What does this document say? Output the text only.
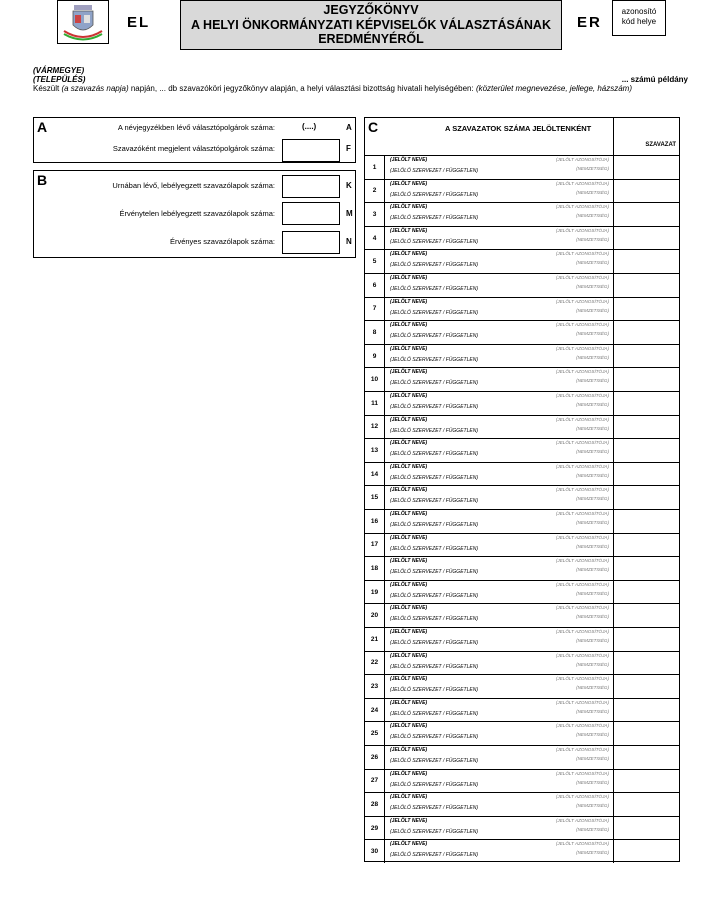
EL
JEGYZŐKÖNYV
A HELYI ÖNKORMÁNYZATI KÉPVISELŐK VÁLASZTÁSÁNAK
EREDMÉNYÉRŐL
ER
azonosító
kód helye
(VÁRMEGYE)
(TELEPÜLÉS)	... számú példány
Készült (a szavazás napja) napján, ... db szavazóköri jegyzőkönyv alapján, a helyi választási bizottság hivatali helyiségében: (közterület megnevezése, jellege, házszám)
A	A névjegyzékben lévő választópolgárok száma:	(....)	A
Szavazóként megjelent választópolgárok száma:	F
B	Urnában lévő, lebélyegzett szavazólapok száma:	K
Érvénytelen lebélyegzett szavazólapok száma:	M
Érvényes szavazólapok száma:	N
C	A SZAVAZATOK SZÁMA JELÖLTENKÉNT
SZAVAZAT
1
(JELÖLT NEVE)
(JELÖLŐ SZERVEZET / FÜGGETLEN)
(JELÖLT AZONOSÍTÓJA)
(NEMZETISÉG)
2
(JELÖLT NEVE)
(JELÖLŐ SZERVEZET / FÜGGETLEN)
(JELÖLT AZONOSÍTÓJA)
(NEMZETISÉG)
3
(JELÖLT NEVE)
(JELÖLŐ SZERVEZET / FÜGGETLEN)
(JELÖLT AZONOSÍTÓJA)
(NEMZETISÉG)
4
(JELÖLT NEVE)
(JELÖLŐ SZERVEZET / FÜGGETLEN)
(JELÖLT AZONOSÍTÓJA)
(NEMZETISÉG)
5
(JELÖLT NEVE)
(JELÖLŐ SZERVEZET / FÜGGETLEN)
(JELÖLT AZONOSÍTÓJA)
(NEMZETISÉG)
6
(JELÖLT NEVE)
(JELÖLŐ SZERVEZET / FÜGGETLEN)
(JELÖLT AZONOSÍTÓJA)
(NEMZETISÉG)
7
(JELÖLT NEVE)
(JELÖLŐ SZERVEZET / FÜGGETLEN)
(JELÖLT AZONOSÍTÓJA)
(NEMZETISÉG)
8
(JELÖLT NEVE)
(JELÖLŐ SZERVEZET / FÜGGETLEN)
(JELÖLT AZONOSÍTÓJA)
(NEMZETISÉG)
9
(JELÖLT NEVE)
(JELÖLŐ SZERVEZET / FÜGGETLEN)
(JELÖLT AZONOSÍTÓJA)
(NEMZETISÉG)
10
(JELÖLT NEVE)
(JELÖLŐ SZERVEZET / FÜGGETLEN)
(JELÖLT AZONOSÍTÓJA)
(NEMZETISÉG)
11
(JELÖLT NEVE)
(JELÖLŐ SZERVEZET / FÜGGETLEN)
(JELÖLT AZONOSÍTÓJA)
(NEMZETISÉG)
12
(JELÖLT NEVE)
(JELÖLŐ SZERVEZET / FÜGGETLEN)
(JELÖLT AZONOSÍTÓJA)
(NEMZETISÉG)
13
(JELÖLT NEVE)
(JELÖLŐ SZERVEZET / FÜGGETLEN)
(JELÖLT AZONOSÍTÓJA)
(NEMZETISÉG)
14
(JELÖLT NEVE)
(JELÖLŐ SZERVEZET / FÜGGETLEN)
(JELÖLT AZONOSÍTÓJA)
(NEMZETISÉG)
15
(JELÖLT NEVE)
(JELÖLŐ SZERVEZET / FÜGGETLEN)
(JELÖLT AZONOSÍTÓJA)
(NEMZETISÉG)
16
(JELÖLT NEVE)
(JELÖLŐ SZERVEZET / FÜGGETLEN)
(JELÖLT AZONOSÍTÓJA)
(NEMZETISÉG)
17
(JELÖLT NEVE)
(JELÖLŐ SZERVEZET / FÜGGETLEN)
(JELÖLT AZONOSÍTÓJA)
(NEMZETISÉG)
18
(JELÖLT NEVE)
(JELÖLŐ SZERVEZET / FÜGGETLEN)
(JELÖLT AZONOSÍTÓJA)
(NEMZETISÉG)
19
(JELÖLT NEVE)
(JELÖLŐ SZERVEZET / FÜGGETLEN)
(JELÖLT AZONOSÍTÓJA)
(NEMZETISÉG)
20
(JELÖLT NEVE)
(JELÖLŐ SZERVEZET / FÜGGETLEN)
(JELÖLT AZONOSÍTÓJA)
(NEMZETISÉG)
21
(JELÖLT NEVE)
(JELÖLŐ SZERVEZET / FÜGGETLEN)
(JELÖLT AZONOSÍTÓJA)
(NEMZETISÉG)
22
(JELÖLT NEVE)
(JELÖLŐ SZERVEZET / FÜGGETLEN)
(JELÖLT AZONOSÍTÓJA)
(NEMZETISÉG)
23
(JELÖLT NEVE)
(JELÖLŐ SZERVEZET / FÜGGETLEN)
(JELÖLT AZONOSÍTÓJA)
(NEMZETISÉG)
24
(JELÖLT NEVE)
(JELÖLŐ SZERVEZET / FÜGGETLEN)
(JELÖLT AZONOSÍTÓJA)
(NEMZETISÉG)
25
(JELÖLT NEVE)
(JELÖLŐ SZERVEZET / FÜGGETLEN)
(JELÖLT AZONOSÍTÓJA)
(NEMZETISÉG)
26
(JELÖLT NEVE)
(JELÖLŐ SZERVEZET / FÜGGETLEN)
(JELÖLT AZONOSÍTÓJA)
(NEMZETISÉG)
27
(JELÖLT NEVE)
(JELÖLŐ SZERVEZET / FÜGGETLEN)
(JELÖLT AZONOSÍTÓJA)
(NEMZETISÉG)
28
(JELÖLT NEVE)
(JELÖLŐ SZERVEZET / FÜGGETLEN)
(JELÖLT AZONOSÍTÓJA)
(NEMZETISÉG)
29
(JELÖLT NEVE)
(JELÖLŐ SZERVEZET / FÜGGETLEN)
(JELÖLT AZONOSÍTÓJA)
(NEMZETISÉG)
30
(JELÖLT NEVE)
(JELÖLŐ SZERVEZET / FÜGGETLEN)
(JELÖLT AZONOSÍTÓJA)
(NEMZETISÉG)
